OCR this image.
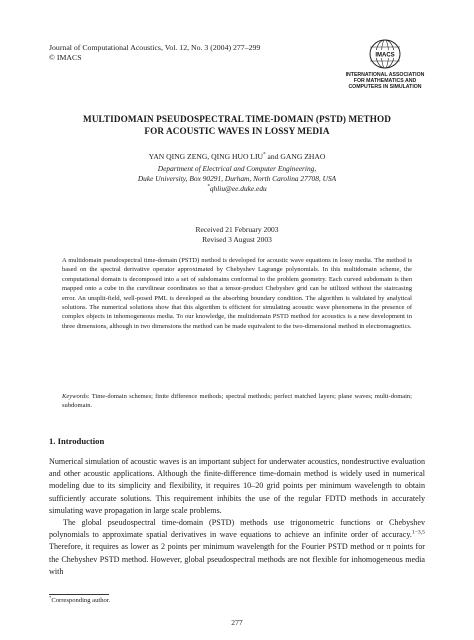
Journal of Computational Acoustics, Vol. 12, No. 3 (2004) 277–299
© IMACS	IMACS
INTERNATIONAL ASSOCIATION
FOR MATHEMATICS AND
COMPUTERS IN SIMULATION
MULTIDOMAIN PSEUDOSPECTRAL TIME-DOMAIN (PSTD) METHOD
FOR ACOUSTIC WAVES IN LOSSY MEDIA
YAN QING ZENG, QING HUO LIU* and GANG ZHAO
Department of Electrical and Computer Engineering,
Duke University, Box 90291, Durham, North Carolina 27708, USA
*qhliu@ee.duke.edu
Received 21 February 2003
Revised 3 August 2003
A multidomain pseudospectral time-domain (PSTD) method is developed for acoustic wave equations in lossy media. The method is based on the spectral derivative operator approximated by Chebyshev Lagrange polynomials. In this multidomain scheme, the computational domain is decomposed into a set of subdomains conformal to the problem geometry. Each curved subdomain is then mapped onto a cube in the curvilinear coordinates so that a tensor-product Chebyshev grid can be utilized without the staircasing error. An unsplit-field, well-posed PML is developed as the absorbing boundary condition. The algorithm is validated by analytical solutions. The numerical solutions show that this algorithm is efficient for simulating acoustic wave phenomena in the presence of complex objects in inhomogeneous media. To our knowledge, the multidomain PSTD method for acoustics is a new development in three dimensions, although in two dimensions the method can be made equivalent to the two-dimensional method in electromagnetics.
Keywords: Time-domain schemes; finite difference methods; spectral methods; perfect matched layers; plane waves; multi-domain; subdomain.
1. Introduction

Numerical simulation of acoustic waves is an important subject for underwater acoustics, nondestructive evaluation and other acoustic applications. Although the finite-difference time-domain method is widely used in numerical modeling due to its simplicity and flexibility, it requires 10–20 grid points per minimum wavelength to obtain sufficiently accurate solutions. This requirement inhibits the use of the regular FDTD methods in accurately simulating wave propagation in large scale problems.

The global pseudospectral time-domain (PSTD) methods use trigonometric functions or Chebyshev polynomials to approximate spatial derivatives in wave equations to achieve an infinite order of accuracy.$^{1-3,5}$ Therefore, it requires as lower as 2 points per minimum wavelength for the Fourier PSTD method or π points for the Chebyshev PSTD method. However, global pseudospectral methods are not flexible for inhomogeneous media with

*Corresponding author.
277
